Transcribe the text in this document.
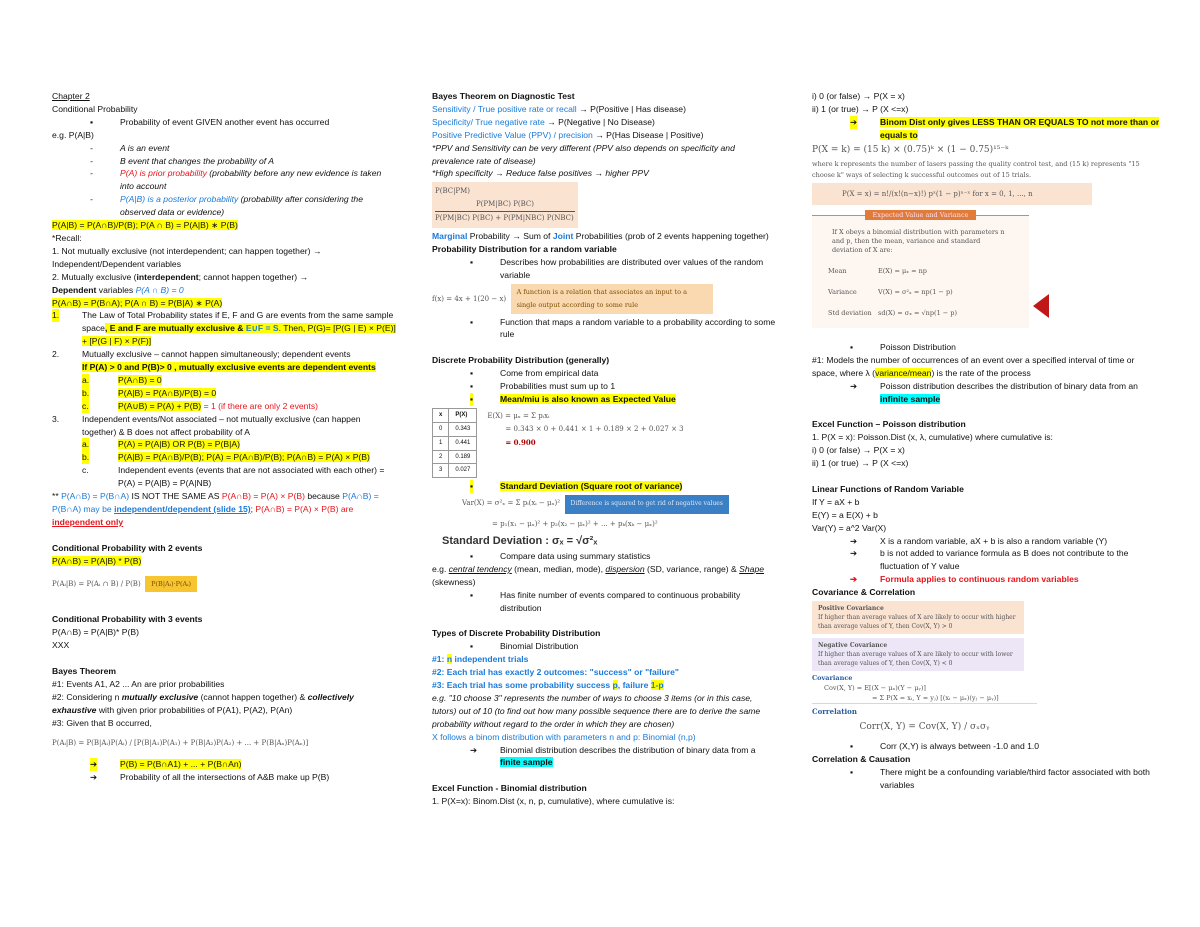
Chapter 2
Conditional Probability
▪	Probability of event GIVEN another event has occurred
e.g. P(A|B)
-	A is an event
-	B event that changes the probability of A
-	P(A) is prior probability (probability before any new evidence is taken into account
-	P(A|B) is a posterior probability (probability after considering the observed data or evidence)
P(A|B) = P(A∩B)/P(B); P(A ∩ B) = P(A|B) ∗ P(B)
*Recall:
1. Not mutually exclusive (not interdependent; can happen together) → Independent/Dependent variables
2. Mutually exclusive (interdependent; cannot happen together) →
Dependent variables P(A ∩ B) = 0
P(A∩B) = P(B∩A); P(A ∩ B) = P(B|A) ∗ P(A)
1.	The Law of Total Probability states if E, F and G are events from the same sample space, E and F are mutually exclusive & E∪F = S. Then, P(G)= [P(G | E) × P(E)] + [P(G | F) × P(F)]
2.	Mutually exclusive – cannot happen simultaneously; dependent events
If P(A) > 0 and P(B)> 0 , mutually exclusive events are dependent events
a.	P(A∩B) = 0
b.	P(A|B) = P(A∩B)/P(B) = 0
c.	P(A∪B) = P(A) + P(B) = 1 (if there are only 2 events)
3.	Independent events/Not associated – not mutually exclusive (can happen together) & B does not affect probability of A
a.	P(A) = P(A|B) OR P(B) = P(B|A)
b.	P(A|B) = P(A∩B)/P(B); P(A) = P(A∩B)/P(B); P(A∩B) = P(A) × P(B)
c.	Independent events (events that are not associated with each other) = P(A) = P(A|B) = P(A|NB)
** P(A∩B) = P(B∩A) IS NOT THE SAME AS P(A∩B) = P(A) × P(B) because P(A∩B) = P(B∩A) may be independent/dependent (slide 15); P(A∩B) = P(A) × P(B) are independent only
Conditional Probability with 2 events
P(A∩B) = P(A|B) * P(B)
P(Aᵢ|B) = P(Aᵢ ∩ B) / P(B) P(B|Aᵢ)·P(Aᵢ)
Conditional Probability with 3 events
P(A∩B) = P(A|B)* P(B)
XXX
Bayes Theorem
#1: Events A1, A2 ... An are prior probabilities
#2: Considering n mutually exclusive (cannot happen together) & collectively exhaustive with given prior probabilities of P(A1), P(A2), P(An)
#3: Given that B occurred,
P(Aᵢ|B) = P(B|Aᵢ)P(Aᵢ) / [P(B|A₁)P(A₁) + P(B|A₂)P(A₂) + ... + P(B|Aₙ)P(Aₙ)]
➔	P(B) = P(B∩A1) + ... + P(B∩An)
➔	Probability of all the intersections of A&B make up P(B)
Bayes Theorem on Diagnostic Test
Sensitivity / True positive rate or recall → P(Positive | Has disease)
Specificity/ True negative rate → P(Negative | No Disease)
Positive Predictive Value (PPV) / precision → P(Has Disease | Positive)
*PPV and Sensitivity can be very different (PPV also depends on specificity and prevalence rate of disease)
*High specificity → Reduce false positives → higher PPV
P(BC|PM)
P(PM|BC) P(BC)
P(PM|BC) P(BC) + P(PM|NBC) P(NBC)
Marginal Probability → Sum of Joint Probabilities (prob of 2 events happening together)
Probability Distribution for a random variable
▪	Describes how probabilities are distributed over values of the random variable
f(x) = 4x + 1(20 − x)  A function is a relation that associates an input to a single output according to some rule
▪	Function that maps a random variable to a probability according to some rule
Discrete Probability Distribution (generally)
▪	Come from empirical data
▪	Probabilities must sum up to 1
▪	Mean/miu is also known as Expected Value
x	P(X)
0	0.343
1	0.441
2	0.189
3	0.027
E(X) = μₓ = Σ pᵢxᵢ
= 0.343 × 0 + 0.441 × 1 + 0.189 × 2 + 0.027 × 3
= 0.900
▪	Standard Deviation (Square root of variance)
Var(X) = σ²ₓ = Σ pᵢ(xᵢ − μₓ)² Difference is squared to get rid of negative values
= p₁(x₁ − μₓ)² + p₂(x₂ − μₓ)² + ... + pₖ(xₖ − μₓ)²
Standard Deviation : σₓ = √σ²ₓ
▪	Compare data using summary statistics
e.g. central tendency (mean, median, mode), dispersion (SD, variance, range) & Shape (skewness)
▪	Has finite number of events compared to continuous probability distribution
Types of Discrete Probability Distribution
▪	Binomial Distribution
#1: n independent trials
#2: Each trial has exactly 2 outcomes: "success" or "failure"
#3: Each trial has some probability success p, failure 1-p
e.g. "10 choose 3" represents the number of ways to choose 3 items (or in this case, tutors) out of 10 (to find out how many possible sequence there are to derive the same probability without regard to the order in which they are chosen)
X follows a binom distribution with parameters n and p: Binomial (n,p)
➔	Binomial distribution describes the distribution of binary data from a finite sample
Excel Function - Binomial distribution
1. P(X=x): Binom.Dist (x, n, p, cumulative), where cumulative is:
i) 0 (or false) → P(X = x)
ii) 1 (or true) → P (X <=x)
➔	Binom Dist only gives LESS THAN OR EQUALS TO not more than or equals to
P(X = k) = (15 k) × (0.75)ᵏ × (1 − 0.75)¹⁵⁻ᵏ
where k represents the number of lasers passing the quality control test, and (15 k) represents "15 choose k" ways of selecting k successful outcomes out of 15 trials.
P(X = x) = n!/(x!(n−x)!) pˣ(1 − p)ⁿ⁻ˣ for x = 0, 1, ..., n
Expected Value and Variance
If X obeys a binomial distribution with parameters n and p, then the mean, variance and standard deviation of X are:
Mean	E(X) = μₓ = np
Variance	V(X) = σ²ₓ = np(1 − p)
Std deviation sd(X) = σₓ = √np(1 − p)
▪	Poisson Distribution
#1: Models the number of occurrences of an event over a specified interval of time or space, where λ (variance/mean) is the rate of the process
➔	Poisson distribution describes the distribution of binary data from an infinite sample
Excel Function – Poisson distribution
1. P(X = x): Poisson.Dist (x, λ, cumulative) where cumulative is:
i) 0 (or false) → P(X = x)
ii) 1 (or true) → P (X <=x)
Linear Functions of Random Variable
If Y = aX + b
E(Y) = a E(X) + b
Var(Y) = a^2 Var(X)
➔	X is a random variable, aX + b is also a random variable (Y)
➔	b is not added to variance formula as B does not contribute to the fluctuation of Y value
➔	Formula applies to continuous random variables
Covariance & Correlation
Positive Covariance
If higher than average values of X are likely to occur with higher than average values of Y, then Cov(X, Y) > 0
Negative Covariance
If higher than average values of X are likely to occur with lower than average values of Y, then Cov(X, Y) < 0
Covariance
Cov(X, Y) = E[(X − μₓ)(Y − μᵧ)]
= Σ P(X = xᵢ, Y = yⱼ) [(xᵢ − μₓ)(yⱼ − μᵧ)]
Correlation
Corr(X, Y) = Cov(X, Y) / σₓσᵧ
▪	Corr (X,Y) is always between -1.0 and 1.0
Correlation & Causation
▪	There might be a confounding variable/third factor associated with both variables
